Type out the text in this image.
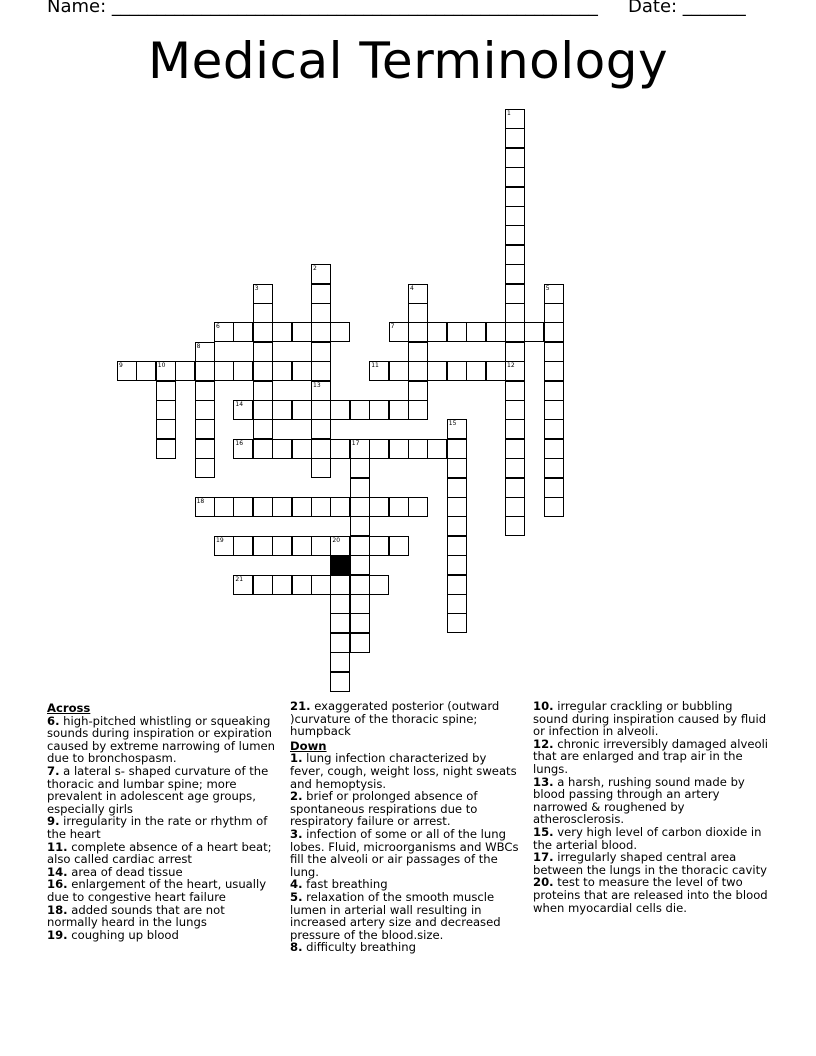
Name: ______________________________________________________ Date: _______
Medical Terminology
1
12
2
3	4	5
6	7
8
9	10	11
13
14
15
16	17
18
19	20
21
Across
6. high-pitched whistling or squeaking sounds during inspiration or expiration caused by extreme narrowing of lumen due to bronchospasm.
7. a lateral s- shaped curvature of the thoracic and lumbar spine; more prevalent in adolescent age groups, especially girls
9. irregularity in the rate or rhythm of the heart
11. complete absence of a heart beat; also called cardiac arrest
14. area of dead tissue
16. enlargement of the heart, usually due to congestive heart failure
18. added sounds that are not normally heard in the lungs
19. coughing up blood
21. exaggerated posterior (outward )curvature of the thoracic spine; humpback
Down
1. lung infection characterized by fever, cough, weight loss, night sweats and hemoptysis.
2. brief or prolonged absence of spontaneous respirations due to respiratory failure or arrest.
3. infection of some or all of the lung lobes. Fluid, microorganisms and WBCs fill the alveoli or air passages of the lung.
4. fast breathing
5. relaxation of the smooth muscle lumen in arterial wall resulting in increased artery size and decreased pressure of the blood.size.
8. difficulty breathing
10. irregular crackling or bubbling sound during inspiration caused by fluid or infection in alveoli.
12. chronic irreversibly damaged alveoli that are enlarged and trap air in the lungs.
13. a harsh, rushing sound made by blood passing through an artery narrowed & roughened by atherosclerosis.
15. very high level of carbon dioxide in the arterial blood.
17. irregularly shaped central area between the lungs in the thoracic cavity
20. test to measure the level of two proteins that are released into the blood when myocardial cells die.
